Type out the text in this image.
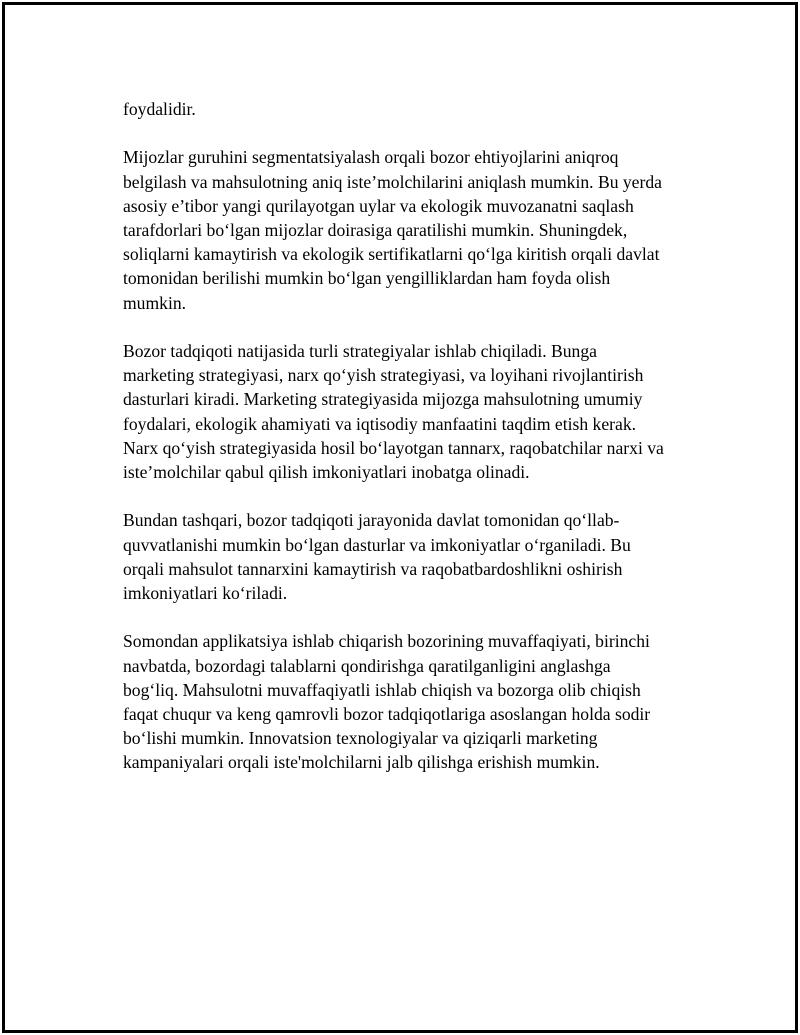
foydalidir.

Mijozlar guruhini segmentatsiyalash orqali bozor ehtiyojlarini aniqroq
belgilash va mahsulotning aniq iste’molchilarini aniqlash mumkin. Bu yerda
asosiy e’tibor yangi qurilayotgan uylar va ekologik muvozanatni saqlash
tarafdorlari bo‘lgan mijozlar doirasiga qaratilishi mumkin. Shuningdek,
soliqlarni kamaytirish va ekologik sertifikatlarni qo‘lga kiritish orqali davlat
tomonidan berilishi mumkin bo‘lgan yengilliklardan ham foyda olish
mumkin.

Bozor tadqiqoti natijasida turli strategiyalar ishlab chiqiladi. Bunga
marketing strategiyasi, narx qo‘yish strategiyasi, va loyihani rivojlantirish
dasturlari kiradi. Marketing strategiyasida mijozga mahsulotning umumiy
foydalari, ekologik ahamiyati va iqtisodiy manfaatini taqdim etish kerak.
Narx qo‘yish strategiyasida hosil bo‘layotgan tannarx, raqobatchilar narxi va
iste’molchilar qabul qilish imkoniyatlari inobatga olinadi.

Bundan tashqari, bozor tadqiqoti jarayonida davlat tomonidan qo‘llab-
quvvatlanishi mumkin bo‘lgan dasturlar va imkoniyatlar o‘rganiladi. Bu
orqali mahsulot tannarxini kamaytirish va raqobatbardoshlikni oshirish
imkoniyatlari ko‘riladi.

Somondan applikatsiya ishlab chiqarish bozorining muvaffaqiyati, birinchi
navbatda, bozordagi talablarni qondirishga qaratilganligini anglashga
bog‘liq. Mahsulotni muvaffaqiyatli ishlab chiqish va bozorga olib chiqish
faqat chuqur va keng qamrovli bozor tadqiqotlariga asoslangan holda sodir
bo‘lishi mumkin. Innovatsion texnologiyalar va qiziqarli marketing
kampaniyalari orqali iste'molchilarni jalb qilishga erishish mumkin.
